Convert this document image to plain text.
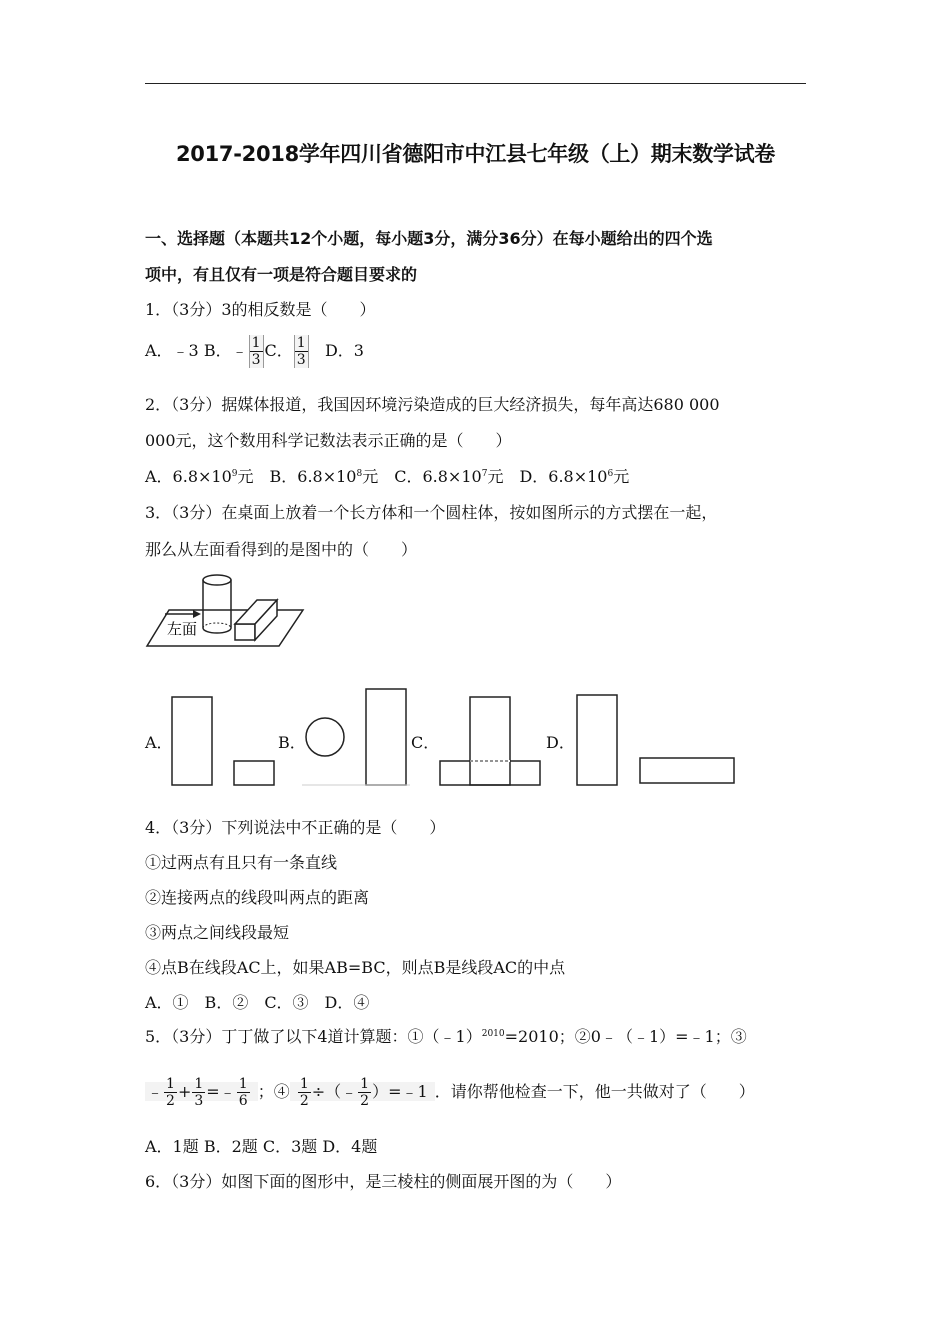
2017-2018学年四川省德阳市中江县七年级（上）期末数学试卷
一、选择题（本题共12个小题，每小题3分，满分36分）在每小题给出的四个选
项中，有且仅有一项是符合题目要求的
1．（3分）3的相反数是（　　）
A．﹣3 B．﹣ $\frac{1}{3}$ C． $\frac{1}{3}$ D．3
2．（3分）据媒体报道，我国因环境污染造成的巨大经济损失，每年高达680 000
000元，这个数用科学记数法表示正确的是（　　）
A．$6.8\times 10^9$元　B．$6.8\times 10^8$元　C．$6.8\times 10^7$元　D．$6.8\times 10^6$元
3．（3分）在桌面上放着一个长方体和一个圆柱体，按如图所示的方式摆在一起，
那么从左面看得到的是图中的（　　）
左面
A．	B．	C．	D．
4．（3分）下列说法中不正确的是（　　）
①过两点有且只有一条直线
②连接两点的线段叫两点的距离
③两点之间线段最短
④点B在线段AC上，如果AB=BC，则点B是线段AC的中点
A．①　B．②　C．③　D．④
5．（3分）丁丁做了以下4道计算题：①（﹣1）$^{2010}$=2010；②0﹣（﹣1）=﹣1；③
﹣ $\frac{1}{2} + \frac{1}{3}$ =﹣ $\frac{1}{6}$ ；④ $\frac{1}{2}$ ÷（﹣ $\frac{1}{2}$ ）=﹣1 ．请你帮他检查一下，他一共做对了（　　）
A．1题 B．2题 C．3题 D．4题
6．（3分）如图下面的图形中，是三棱柱的侧面展开图的为（　　）
